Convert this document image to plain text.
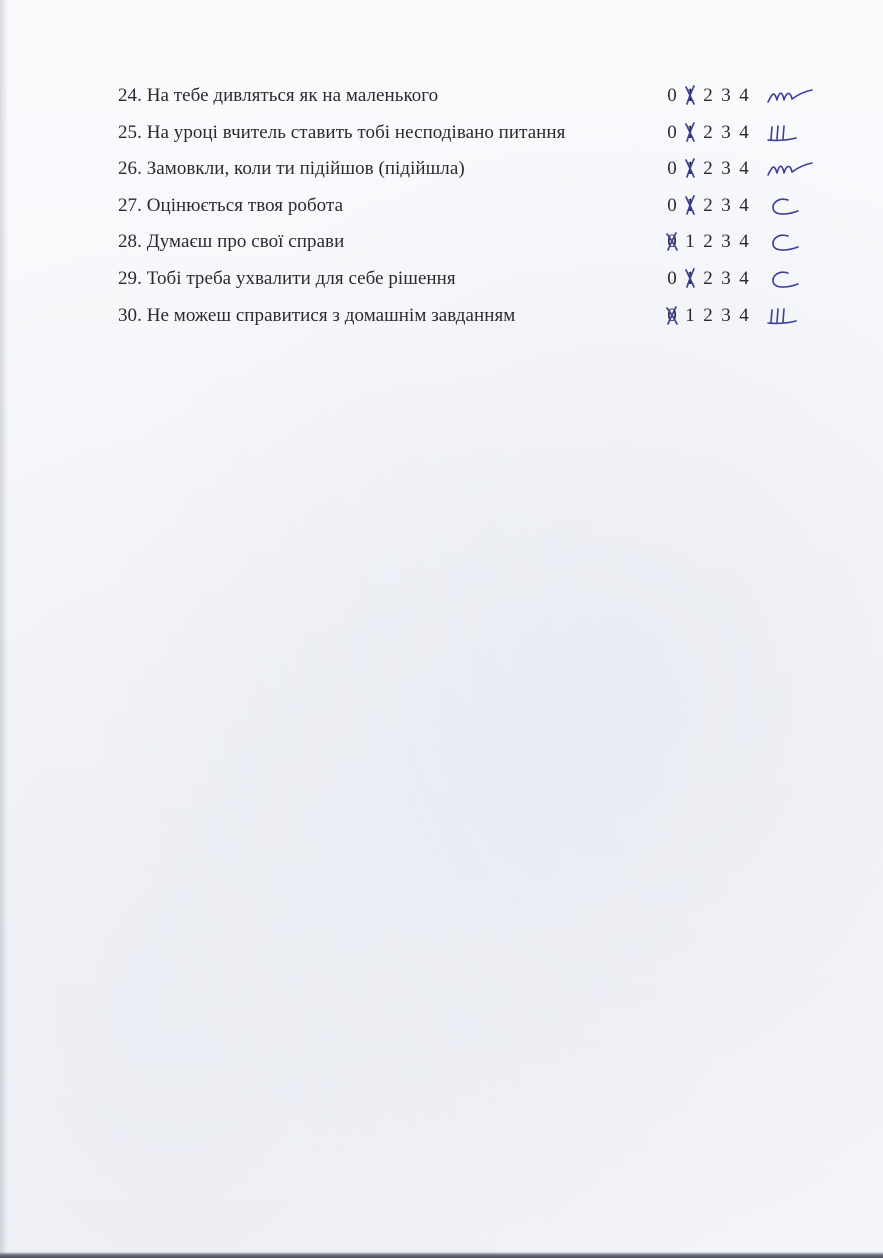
24. На тебе дивляться як на маленького	0 1 2 3 4
25. На уроці вчитель ставить тобі несподівано питання	0 1 2 3 4
26. Замовкли, коли ти підійшов (підійшла)	0 1 2 3 4
27. Оцінюється твоя робота	0 1 2 3 4
28. Думаєш про свої справи	0 1 2 3 4
29. Тобі треба ухвалити для себе рішення	0 1 2 3 4
30. Не можеш справитися з домашнім завданням	0 1 2 3 4
